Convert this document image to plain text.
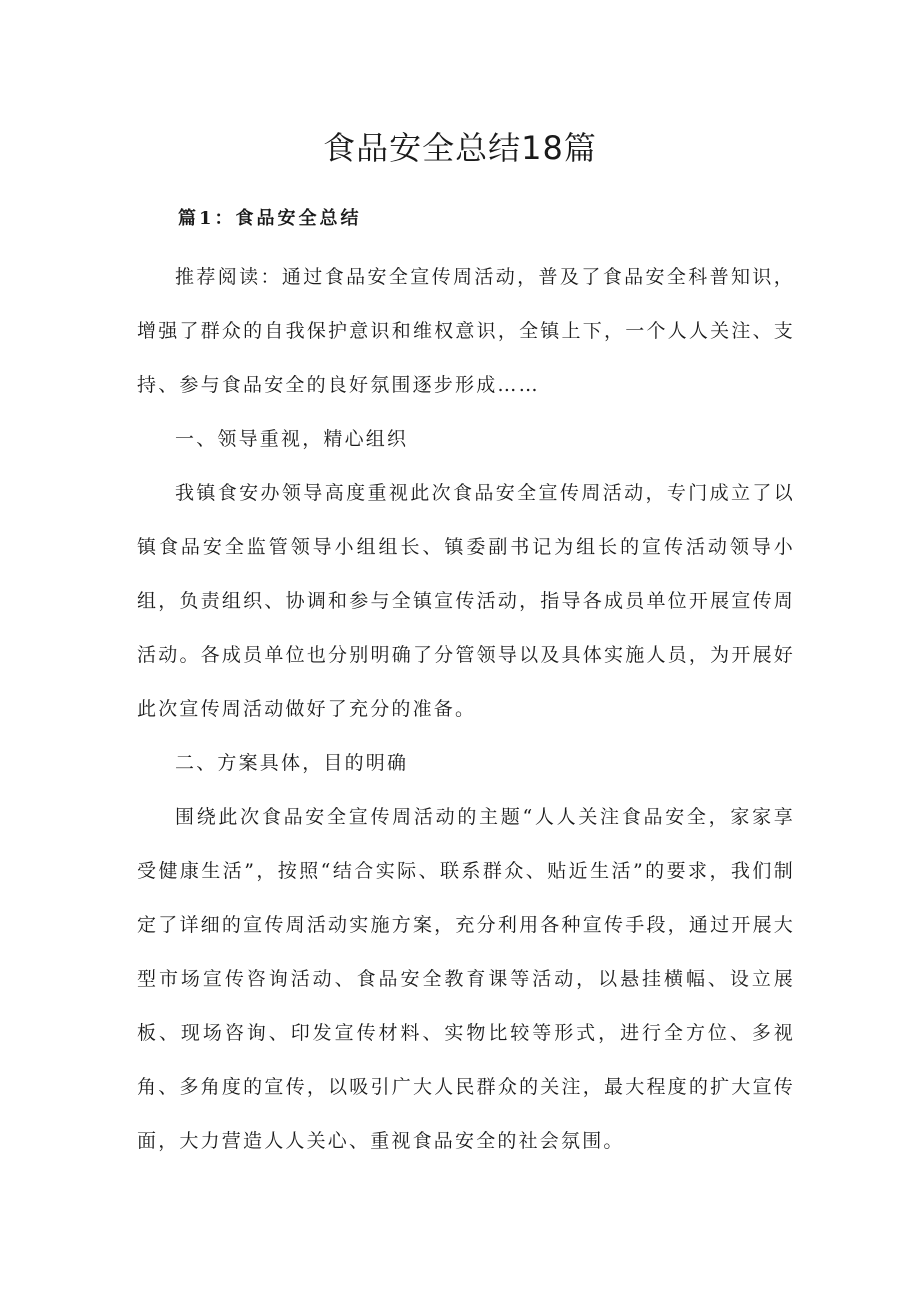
食品安全总结18篇
篇1：食品安全总结

推荐阅读：通过食品安全宣传周活动，普及了食品安全科普知识，增强了群众的自我保护意识和维权意识，全镇上下，一个人人关注、支持、参与食品安全的良好氛围逐步形成……

一、领导重视，精心组织

我镇食安办领导高度重视此次食品安全宣传周活动，专门成立了以镇食品安全监管领导小组组长、镇委副书记为组长的宣传活动领导小组，负责组织、协调和参与全镇宣传活动，指导各成员单位开展宣传周活动。各成员单位也分别明确了分管领导以及具体实施人员，为开展好此次宣传周活动做好了充分的准备。

二、方案具体，目的明确

围绕此次食品安全宣传周活动的主题“人人关注食品安全，家家享受健康生活”，按照“结合实际、联系群众、贴近生活”的要求，我们制定了详细的宣传周活动实施方案，充分利用各种宣传手段，通过开展大型市场宣传咨询活动、食品安全教育课等活动，以悬挂横幅、设立展板、现场咨询、印发宣传材料、实物比较等形式，进行全方位、多视角、多角度的宣传，以吸引广大人民群众的关注，最大程度的扩大宣传面，大力营造人人关心、重视食品安全的社会氛围。
